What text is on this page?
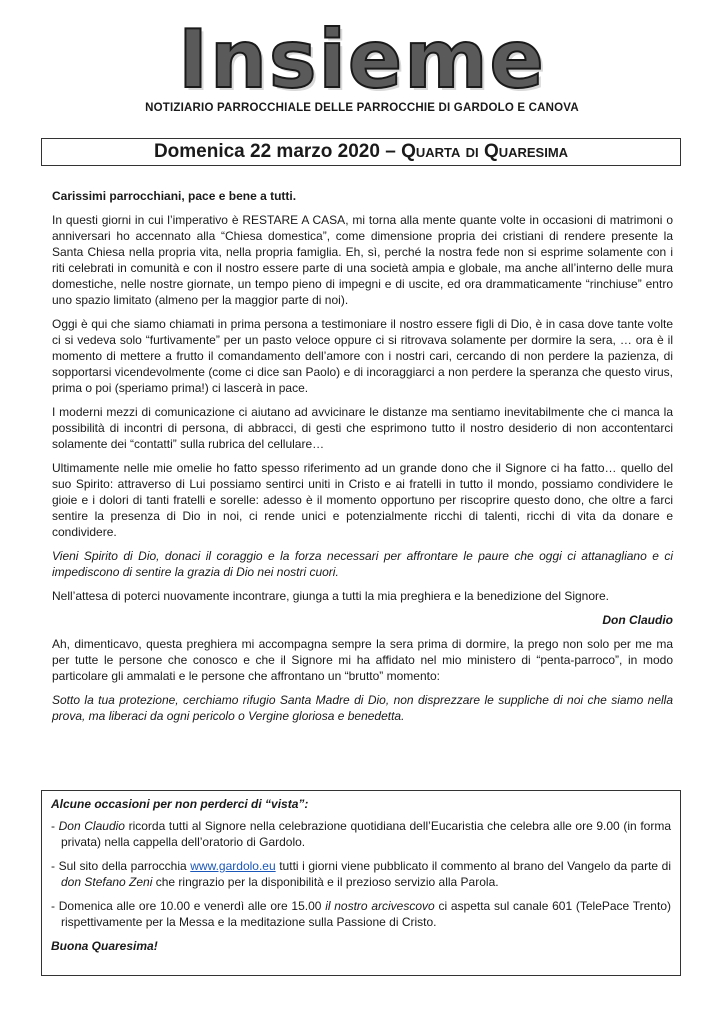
Insieme
NOTIZIARIO PARROCCHIALE DELLE PARROCCHIE DI GARDOLO E CANOVA
Domenica 22 marzo 2020 – Quarta di Quaresima

Carissimi parrocchiani, pace e bene a tutti.

In questi giorni in cui l’imperativo è RESTARE A CASA, mi torna alla mente quante volte in occasioni di matrimoni o anniversari ho accennato alla “Chiesa domestica”, come dimensione propria dei cristiani di rendere presente la Santa Chiesa nella propria vita, nella propria famiglia. Eh, sì, perché la nostra fede non si esprime solamente con i riti celebrati in comunità e con il nostro essere parte di una società ampia e globale, ma anche all’interno delle mura domestiche, nelle nostre giornate, un tempo pieno di impegni e di uscite, ed ora drammaticamente “rinchiuse” entro uno spazio limitato (almeno per la maggior parte di noi).

Oggi è qui che siamo chiamati in prima persona a testimoniare il nostro essere figli di Dio, è in casa dove tante volte ci si vedeva solo “furtivamente” per un pasto veloce oppure ci si ritrovava solamente per dormire la sera, … ora è il momento di mettere a frutto il comandamento dell’amore con i nostri cari, cercando di non perdere la pazienza, di sopportarsi vicendevolmente (come ci dice san Paolo) e di incoraggiarci a non perdere la speranza che questo virus, prima o poi (speriamo prima!) ci lascerà in pace.

I moderni mezzi di comunicazione ci aiutano ad avvicinare le distanze ma sentiamo inevitabilmente che ci manca la possibilità di incontri di persona, di abbracci, di gesti che esprimono tutto il nostro desiderio di non accontentarci solamente dei “contatti” sulla rubrica del cellulare…

Ultimamente nelle mie omelie ho fatto spesso riferimento ad un grande dono che il Signore ci ha fatto… quello del suo Spirito: attraverso di Lui possiamo sentirci uniti in Cristo e ai fratelli in tutto il mondo, possiamo condividere le gioie e i dolori di tanti fratelli e sorelle: adesso è il momento opportuno per riscoprire questo dono, che oltre a farci sentire la presenza di Dio in noi, ci rende unici e potenzialmente ricchi di talenti, ricchi di vita da donare e condividere.

Vieni Spirito di Dio, donaci il coraggio e la forza necessari per affrontare le paure che oggi ci attanagliano e ci impediscono di sentire la grazia di Dio nei nostri cuori.

Nell’attesa di poterci nuovamente incontrare, giunga a tutti la mia preghiera e la benedizione del Signore.

Don Claudio

Ah, dimenticavo, questa preghiera mi accompagna sempre la sera prima di dormire, la prego non solo per me ma per tutte le persone che conosco e che il Signore mi ha affidato nel mio ministero di “penta-parroco”, in modo particolare gli ammalati e le persone che affrontano un “brutto” momento:

Sotto la tua protezione, cerchiamo rifugio Santa Madre di Dio, non disprezzare le suppliche di noi che siamo nella prova, ma liberaci da ogni pericolo o Vergine gloriosa e benedetta.

Alcune occasioni per non perderci di “vista”:

- Don Claudio ricorda tutti al Signore nella celebrazione quotidiana dell’Eucaristia che celebra alle ore 9.00 (in forma privata) nella cappella dell’oratorio di Gardolo.

- Sul sito della parrocchia www.gardolo.eu tutti i giorni viene pubblicato il commento al brano del Vangelo da parte di don Stefano Zeni che ringrazio per la disponibilità e il prezioso servizio alla Parola.

- Domenica alle ore 10.00 e venerdì alle ore 15.00 il nostro arcivescovo ci aspetta sul canale 601 (TelePace Trento) rispettivamente per la Messa e la meditazione sulla Passione di Cristo.

Buona Quaresima!
